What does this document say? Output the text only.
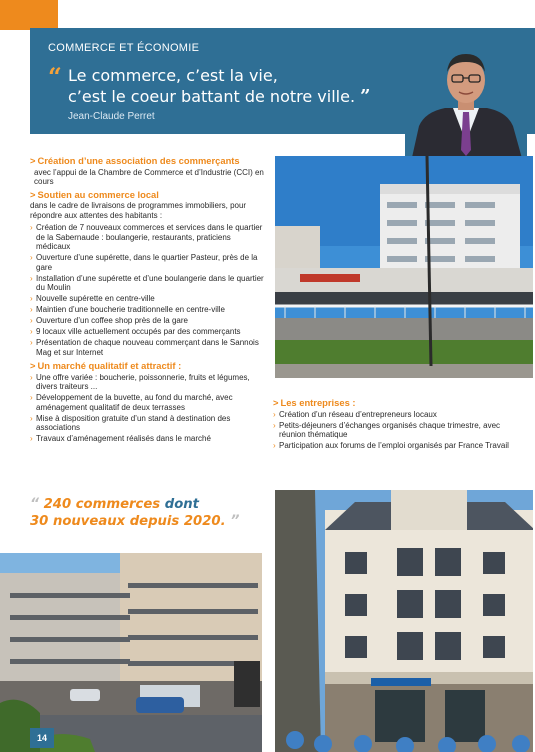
COMMERCE ET ÉCONOMIE
“ Le commerce, c’est la vie,
c’est le coeur battant de notre ville. ”
Jean-Claude Perret
> Création d’une association des commerçants

avec l’appui de la Chambre de Commerce et d’Industrie (CCI) en cours

> Soutien au commerce local

dans le cadre de livraisons de programmes immobiliers, pour répondre aux attentes des habitants :

› Création de 7 nouveaux commerces et services dans le quartier de la Sabernaude : boulangerie, restaurants, praticiens médicaux
› Ouverture d’une supérette, dans le quartier Pasteur, près de la gare
› Installation d’une supérette et d’une boulangerie dans le quartier du Moulin
› Nouvelle supérette en centre-ville
› Maintien d’une boucherie traditionnelle en centre-ville
› Ouverture d’un coffee shop près de la gare
› 9 locaux ville actuellement occupés par des commerçants
› Présentation de chaque nouveau commerçant dans le Sannois Mag et sur Internet
> Un marché qualitatif et attractif :
› Une offre variée : boucherie, poissonnerie, fruits et légumes, divers traiteurs ...
› Développement de la buvette, au fond du marché, avec aménagement qualitatif de deux terrasses
› Mise à disposition gratuite d’un stand à destination des associations
› Travaux d’aménagement réalisés dans le marché
> Les entreprises :
› Création d’un réseau d’entrepreneurs locaux
› Petits-déjeuners d’échanges organisés chaque trimestre, avec réunion thématique
› Participation aux forums de l’emploi organisés par France Travail
“ 240 commerces dont
30 nouveaux depuis 2020. ”
14
